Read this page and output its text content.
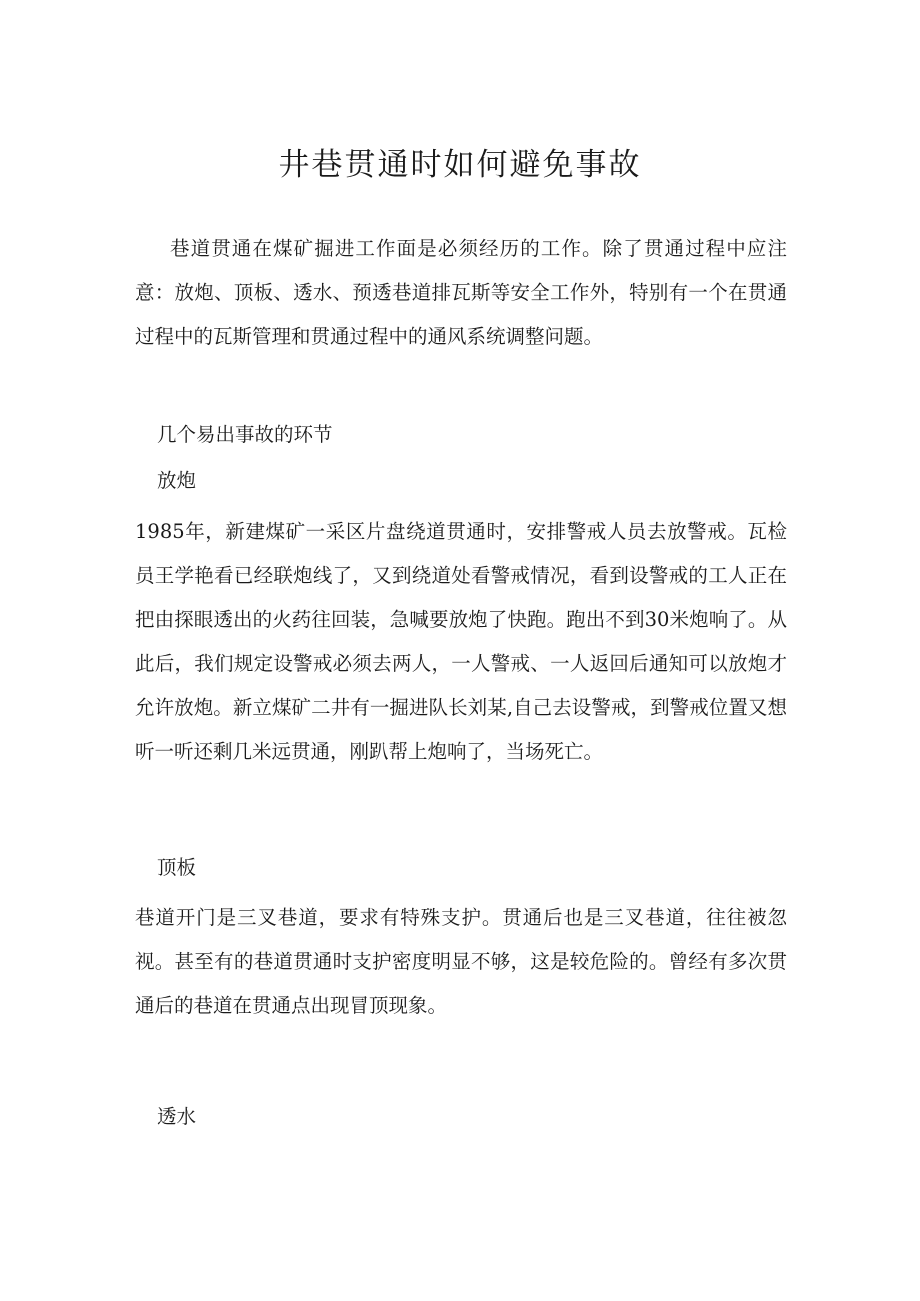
井巷贯通时如何避免事故

巷道贯通在煤矿掘进工作面是必须经历的工作。除了贯通过程中应注意：放炮、顶板、透水、预透巷道排瓦斯等安全工作外，特别有一个在贯通过程中的瓦斯管理和贯通过程中的通风系统调整问题。

几个易出事故的环节
放炮

1985年，新建煤矿一采区片盘绕道贯通时，安排警戒人员去放警戒。瓦检员王学艳看已经联炮线了，又到绕道处看警戒情况，看到设警戒的工人正在把由探眼透出的火药往回装，急喊要放炮了快跑。跑出不到30米炮响了。从此后，我们规定设警戒必须去两人，一人警戒、一人返回后通知可以放炮才允许放炮。新立煤矿二井有一掘进队长刘某,自己去设警戒，到警戒位置又想听一听还剩几米远贯通，刚趴帮上炮响了，当场死亡。

顶板

巷道开门是三叉巷道，要求有特殊支护。贯通后也是三叉巷道，往往被忽视。甚至有的巷道贯通时支护密度明显不够，这是较危险的。曾经有多次贯通后的巷道在贯通点出现冒顶现象。

透水
